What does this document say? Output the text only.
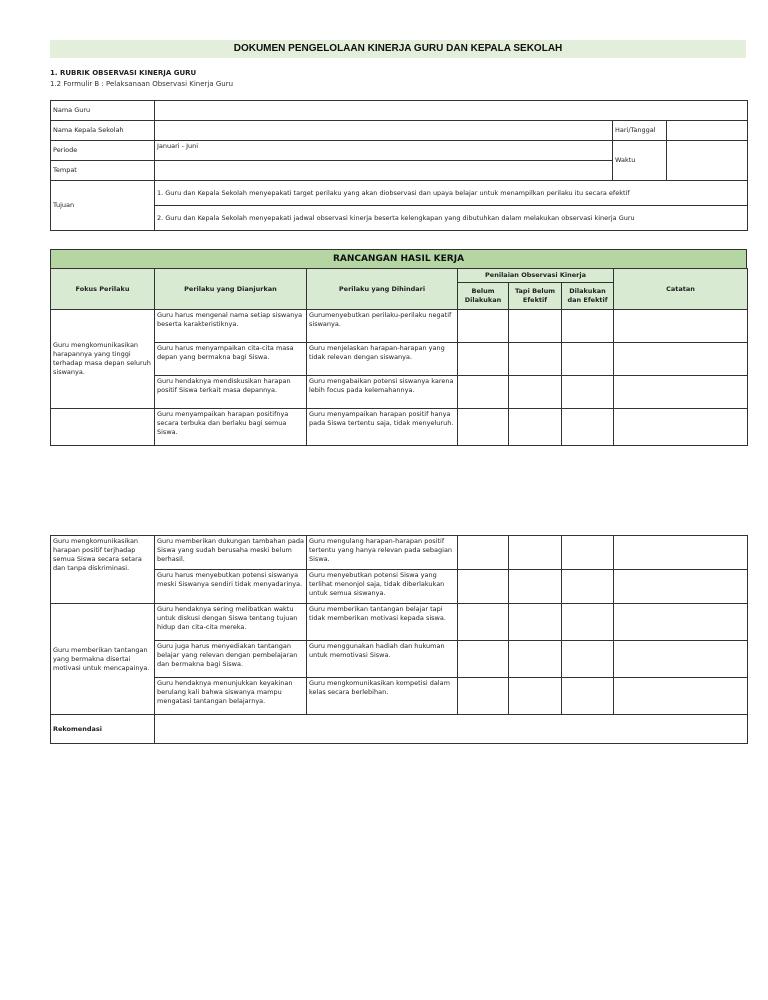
DOKUMEN PENGELOLAAN KINERJA GURU DAN KEPALA SEKOLAH
1. RUBRIK OBSERVASI KINERJA GURU
1.2 Formulir B : Pelaksanaan Observasi Kinerja Guru
Nama Guru			
Nama Kepala Sekolah		Hari/Tanggal	
Periode	Januari - Juni	Waktu	
Tempat			
Tujuan	1. Guru dan Kepala Sekolah menyepakati target perilaku yang akan diobservasi dan upaya belajar untuk menampilkan perilaku itu secara efektif		
	2. Guru dan Kepala Sekolah menyepakati jadwal observasi kinerja beserta kelengkapan yang dibutuhkan dalam melakukan observasi kinerja Guru		
RANCANGAN HASIL KERJA
Fokus Perilaku	Perilaku yang Dianjurkan	Perilaku yang Dihindari	Penilaian Observasi Kinerja			Catatan
			Belum Dilakukan	Tapi Belum Efektif	Dilakukan dan Efektif	
Guru mengkomunikasikan harapannya yang tinggi terhadap masa depan seluruh siswanya.	Guru harus mengenal nama setiap siswanya beserta karakteristiknya.	Gurumenyebutkan perilaku-perilaku negatif siswanya.				
	Guru harus menyampaikan cita-cita masa depan yang bermakna bagi Siswa.	Guru menjelaskan harapan-harapan yang tidak relevan dengan siswanya.				
	Guru hendaknya mendiskusikan harapan positif Siswa terkait masa depannya.	Guru mengabaikan potensi siswanya karena lebih focus pada kelemahannya.				

	Guru menyampaikan harapan positifnya secara terbuka dan berlaku bagi semua Siswa.	Guru menyampaikan harapan positif hanya pada Siswa tertentu saja, tidak menyeluruh.				

Guru mengkomunikasikan harapan positif terjhadap semua Siswa secara setara dan tanpa diskriminasi.	Guru memberikan dukungan tambahan pada Siswa yang sudah berusaha meski belum berhasil.	Guru mengulang harapan-harapan positif tertentu yang hanya relevan pada sebagian Siswa.				
	Guru harus menyebutkan potensi siswanya meski Siswanya sendiri tidak menyadarinya.	Guru menyebutkan potensi Siswa yang terlihat menonjol saja, tidak diberlakukan untuk semua siswanya.				
Guru memberikan tantangan yang bermakna disertai motivasi untuk mencapainya.	Guru hendaknya sering melibatkan waktu untuk diskusi dengan Siswa tentang tujuan hidup dan cita-cita mereka.	Guru memberikan tantangan belajar tapi tidak memberikan motivasi kepada siswa.				

	Guru juga harus menyediakan tantangan belajar yang relevan dengan pembelajaran dan bermakna bagi Siswa.	Guru menggunakan hadiah dan hukuman untuk memotivasi Siswa.				

	Guru hendaknya menunjukkan keyakinan berulang kali bahwa siswanya mampu mengatasi tantangan belajarnya.	Guru mengkomunikasikan kompetisi dalam kelas secara berlebihan.				
Rekomendasi						
